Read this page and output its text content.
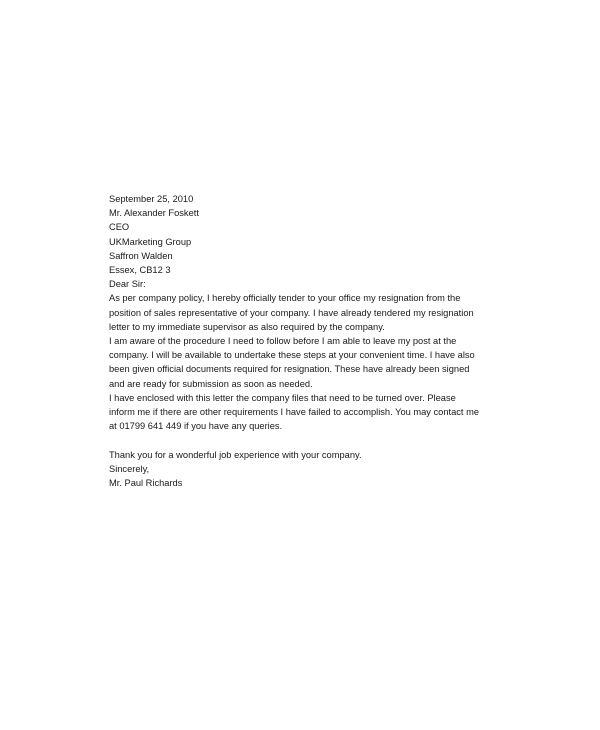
September 25, 2010
Mr. Alexander Foskett
CEO
UKMarketing Group
Saffron Walden
Essex, CB12 3
Dear Sir:
As per company policy, I hereby officially tender to your office my resignation from the
position of sales representative of your company. I have already tendered my resignation
letter to my immediate supervisor as also required by the company.
I am aware of the procedure I need to follow before I am able to leave my post at the
company. I will be available to undertake these steps at your convenient time. I have also
been given official documents required for resignation. These have already been signed
and are ready for submission as soon as needed.
I have enclosed with this letter the company files that need to be turned over. Please
inform me if there are other requirements I have failed to accomplish. You may contact me
at 01799 641 449 if you have any queries.
Thank you for a wonderful job experience with your company.
Sincerely,
Mr. Paul Richards
